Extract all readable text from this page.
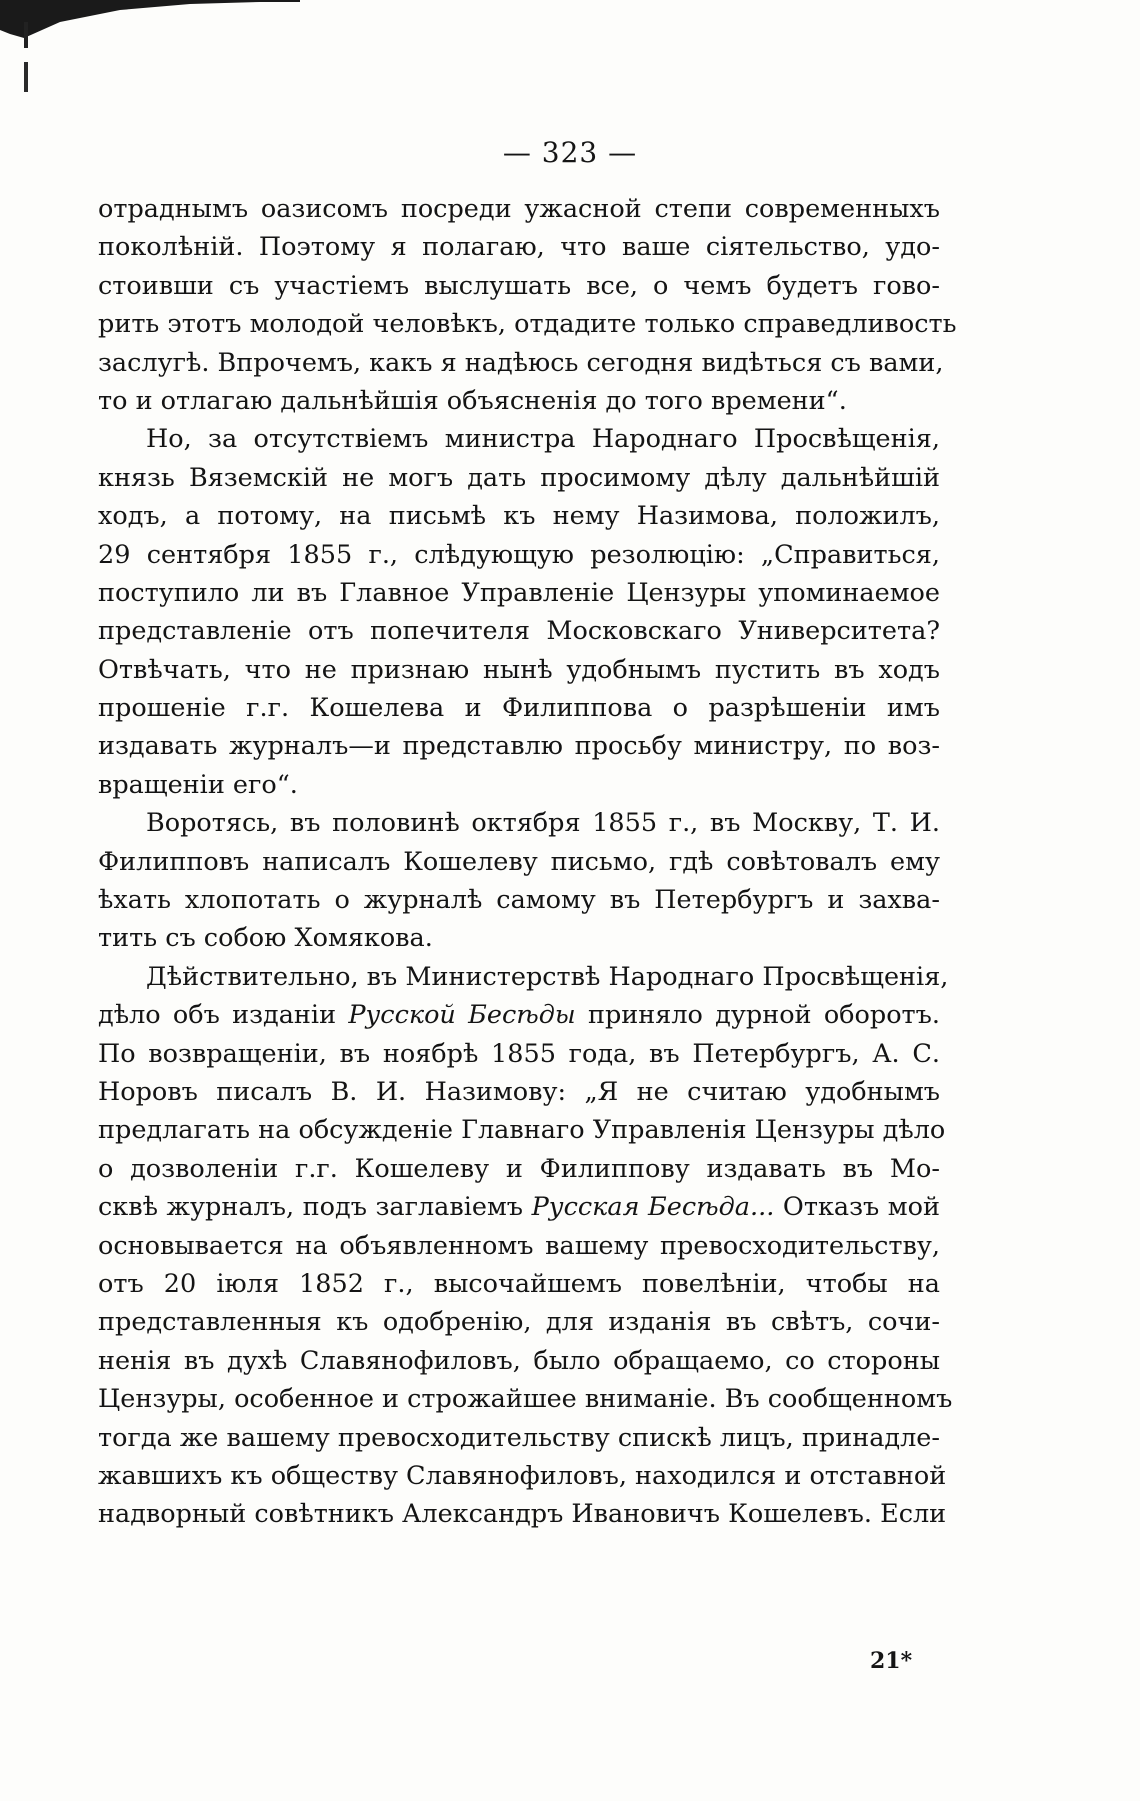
— 323 —
отраднымъ оазисомъ посреди ужасной степи современныхъ
поколѣній. Поэтому я полагаю, что ваше сіятельство, удо-
стоивши съ участіемъ выслушать все, о чемъ будетъ гово-
рить этотъ молодой человѣкъ, отдадите только справедливость
заслугѣ. Впрочемъ, какъ я надѣюсь сегодня видѣться съ вами,
то и отлагаю дальнѣйшія объясненія до того времени“.
Но, за отсутствіемъ министра Народнаго Просвѣщенія,
князь Вяземскій не могъ дать просимому дѣлу дальнѣйшій
ходъ, а потому, на письмѣ къ нему Назимова, положилъ,
29 сентября 1855 г., слѣдующую резолюцію: „Справиться,
поступило ли въ Главное Управленіе Цензуры упоминаемое
представленіе отъ попечителя Московскаго Университета?
Отвѣчать, что не признаю нынѣ удобнымъ пустить въ ходъ
прошеніе г.г. Кошелева и Филиппова о разрѣшеніи имъ
издавать журналъ—и представлю просьбу министру, по воз-
вращеніи его“.
Воротясь, въ половинѣ октября 1855 г., въ Москву, Т. И.
Филипповъ написалъ Кошелеву письмо, гдѣ совѣтовалъ ему
ѣхать хлопотать о журналѣ самому въ Петербургъ и захва-
тить съ собою Хомякова.
Дѣйствительно, въ Министерствѣ Народнаго Просвѣщенія,
дѣло объ изданіи Русской Бесѣды приняло дурной оборотъ.
По возвращеніи, въ ноябрѣ 1855 года, въ Петербургъ, А. С.
Норовъ писалъ В. И. Назимову: „Я не считаю удобнымъ
предлагать на обсужденіе Главнаго Управленія Цензуры дѣло
о дозволеніи г.г. Кошелеву и Филиппову издавать въ Мо-
сквѣ журналъ, подъ заглавіемъ Русская Бесѣда... Отказъ мой
основывается на объявленномъ вашему превосходительству,
отъ 20 іюля 1852 г., высочайшемъ повелѣніи, чтобы на
представленныя къ одобренію, для изданія въ свѣтъ, сочи-
ненія въ духѣ Славянофиловъ, было обращаемо, со стороны
Цензуры, особенное и строжайшее вниманіе. Въ сообщенномъ
тогда же вашему превосходительству спискѣ лицъ, принадле-
жавшихъ къ обществу Славянофиловъ, находился и отставной
надворный совѣтникъ Александръ Ивановичъ Кошелевъ. Если
21*
